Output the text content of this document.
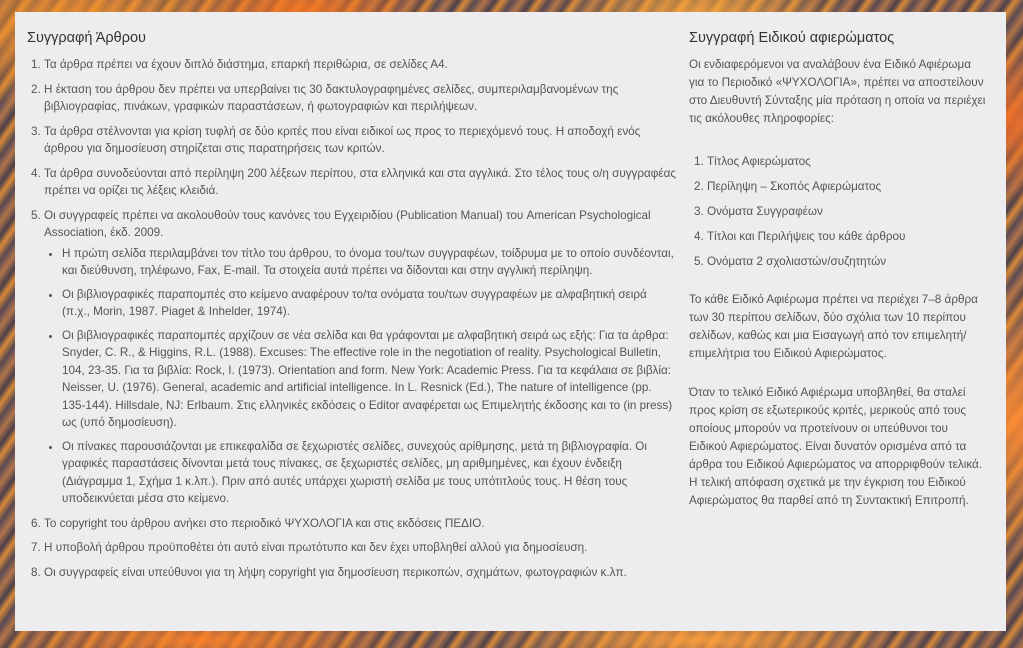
Συγγραφή Άρθρου
1. Τα άρθρα πρέπει να έχουν διπλό διάστημα, επαρκή περιθώρια, σε σελίδες Α4.
2. Η έκταση του άρθρου δεν πρέπει να υπερβαίνει τις 30 δακτυλογραφημένες σελίδες, συμπεριλαμβανομένων της βιβλιογραφίας, πινάκων, γραφικών παραστάσεων, ή φωτογραφιών και περιλήψεων.
3. Τα άρθρα στέλνονται για κρίση τυφλή σε δύο κριτές που είναι ειδικοί ως προς το περιεχόμενό τους. Η αποδοχή ενός άρθρου για δημοσίευση στηρίζεται στις παρατηρήσεις των κριτών.
4. Τα άρθρα συνοδεύονται από περίληψη 200 λέξεων περίπου, στα ελληνικά και στα αγγλικά. Στο τέλος τους ο/η συγγραφέας πρέπει να ορίζει τις λέξεις κλειδιά.
5. Οι συγγραφείς πρέπει να ακολουθούν τους κανόνες του Εγχειριδίου (Publication Manual) του American Psychological Association, έκδ. 2009.
• Η πρώτη σελίδα περιλαμβάνει τον τίτλο του άρθρου, το όνομα του/των συγγραφέων, τοίδρυμα με το οποίο συνδέονται, και διεύθυνση, τηλέφωνο, Fax, E-mail. Τα στοιχεία αυτά πρέπει να δίδονται και στην αγγλική περίληψη.
• Οι βιβλιογραφικές παραπομπές στο κείμενο αναφέρουν το/τα ονόματα του/των συγγραφέων με αλφαβητική σειρά (π.χ., Morin, 1987. Piaget & Inhelder, 1974).
• Οι βιβλιογραφικές παραπομπές αρχίζουν σε νέα σελίδα και θα γράφονται με αλφαβητική σειρά ως εξής: Για τα άρθρα: Snyder, C. R., & Higgins, R.L. (1988). Excuses: The effective role in the negotiation of reality. Psychological Bulletin, 104, 23-35. Για τα βιβλία: Rock, I. (1973). Orientation and form. New York: Academic Press. Για τα κεφάλαια σε βιβλία: Neisser, U. (1976). General, academic and artificial intelligence. In L. Resnick (Ed.), The nature of intelligence (pp. 135-144). Hillsdale, NJ: Erlbaum. Στις ελληνικές εκδόσεις ο Editor αναφέρεται ως Επιμελητής έκδοσης και το (in press) ως (υπό δημοσίευση).
• Οι πίνακες παρουσιάζονται με επικεφαλίδα σε ξεχωριστές σελίδες, συνεχούς αρίθμησης, μετά τη βιβλιογραφία. Οι γραφικές παραστάσεις δίνονται μετά τους πίνακες, σε ξεχωριστές σελίδες, μη αριθμημένες, και έχουν ένδειξη (Διάγραμμα 1, Σχήμα 1 κ.λπ.). Πριν από αυτές υπάρχει χωριστή σελίδα με τους υπότιτλούς τους. Η θέση τους υποδεικνύεται μέσα στο κείμενο.
6. Το copyright του άρθρου ανήκει στο περιοδικό ΨΥΧΟΛΟΓΙΑ και στις εκδόσεις ΠΕΔΙΟ.
7. Η υποβολή άρθρου προϋποθέτει ότι αυτό είναι πρωτότυπο και δεν έχει υποβληθεί αλλού για δημοσίευση.
8. Οι συγγραφείς είναι υπεύθυνοι για τη λήψη copyright για δημοσίευση περικοπών, σχημάτων, φωτογραφιών κ.λπ.
Συγγραφή Ειδικού αφιερώματος

Οι ενδιαφερόμενοι να αναλάβουν ένα Ειδικό Αφιέρωμα για το Περιοδικό «ΨΥΧΟΛΟΓΙΑ», πρέπει να αποστείλουν στο Διευθυντή Σύνταξης μία πρόταση η οποία να περιέχει τις ακόλουθες πληροφορίες:

1. Τίτλος Αφιερώματος
2. Περίληψη – Σκοπός Αφιερώματος
3. Ονόματα Συγγραφέων
4. Τίτλοι και Περιλήψεις του κάθε άρθρου
5. Ονόματα 2 σχολιαστών/συζητητών

Το κάθε Ειδικό Αφιέρωμα πρέπει να περιέχει 7–8 άρθρα των 30 περίπου σελίδων, δύο σχόλια των 10 περίπου σελίδων, καθώς και μια Εισαγωγή από τον επιμελητή/επιμελήτρια του Ειδικού Αφιερώματος.

Όταν το τελικό Ειδικό Αφιέρωμα υποβληθεί, θα σταλεί προς κρίση σε εξωτερικούς κριτές, μερικούς από τους οποίους μπορούν να προτείνουν οι υπεύθυνοι του Ειδικού Αφιερώματος. Είναι δυνατόν ορισμένα από τα άρθρα του Ειδικού Αφιερώματος να απορριφθούν τελικά. Η τελική απόφαση σχετικά με την έγκριση του Ειδικού Αφιερώματος θα παρθεί από τη Συντακτική Επιτροπή.
